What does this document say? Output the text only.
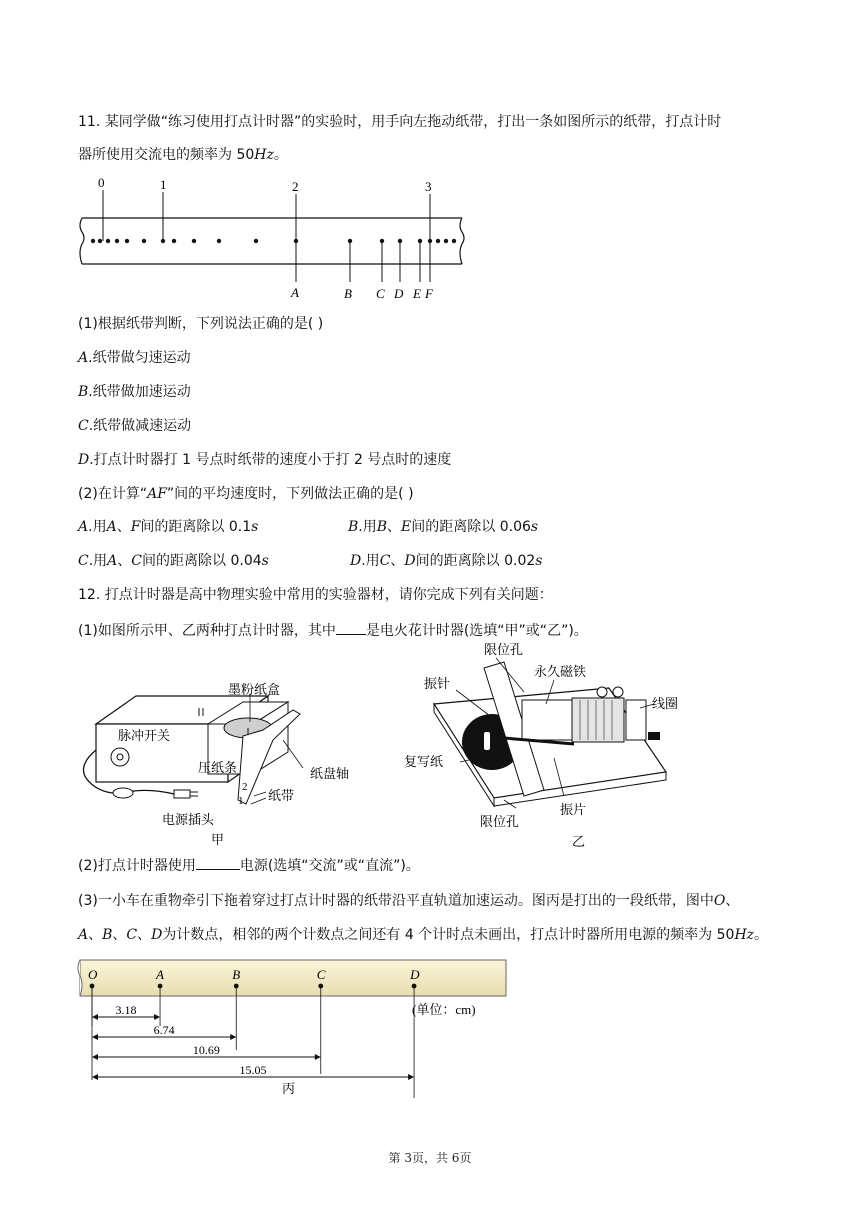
11. 某同学做“练习使用打点计时器”的实验时，用手向左拖动纸带，打出一条如图所示的纸带，打点计时
器所使用交流电的频率为 50Hz。
0	1	2	3
A	B C D E F
(1)根据纸带判断，下列说法正确的是( )
A.纸带做匀速运动
B.纸带做加速运动
C.纸带做减速运动
D.打点计时器打 1 号点时纸带的速度小于打 2 号点时的速度
(2)在计算“AF”间的平均速度时，下列做法正确的是( )
A.用A、F间的距离除以 0.1s	B.用B、E间的距离除以 0.06s
C.用A、C间的距离除以 0.04s	D.用C、D间的距离除以 0.02s
12. 打点计时器是高中物理实验中常用的实验器材，请你完成下列有关问题：
(1)如图所示甲、乙两种打点计时器，其中 是电火花计时器(选填“甲”或“乙”)。
墨粉纸盒
脉冲开关
压纸条	纸盘轴
纸带
2
1
电源插头
甲
限位孔
永久磁铁
振针
线圈
复写纸
振片
限位孔
乙
(2)打点计时器使用	电源(选填“交流”或“直流”)。
(3)一小车在重物牵引下拖着穿过打点计时器的纸带沿平直轨道加速运动。图丙是打出的一段纸带，图中O、
A、B、C、D为计数点，相邻的两个计数点之间还有 4 个计时点未画出，打点计时器所用电源的频率为 50Hz。
O	A	B	C	D
3.18
6.74
10.69
15.05
(单位：cm)
丙
第 3页，共 6页
